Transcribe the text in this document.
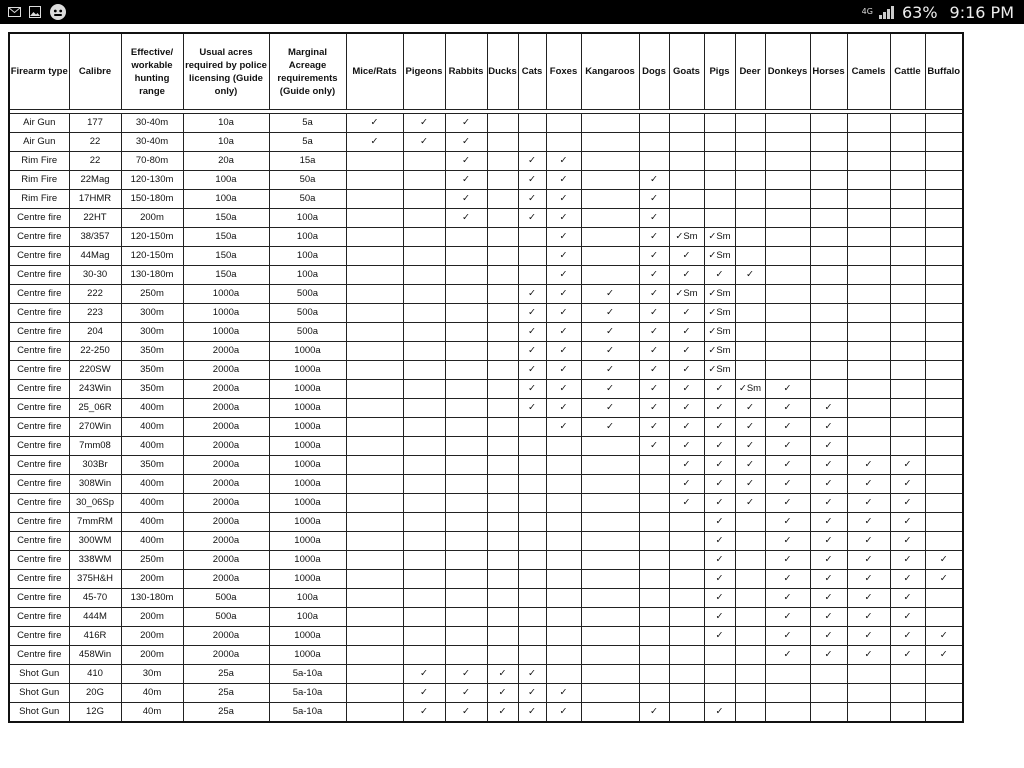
4G 63% 9:16 PM
Firearm type	Calibre	Effective/ workable hunting range	Usual acres required by police licensing (Guide only)	Marginal Acreage requirements (Guide only)	Mice/Rats	Pigeons	Rabbits	Ducks	Cats	Foxes	Kangaroos	Dogs	Goats	Pigs	Deer	Donkeys	Horses	Camels	Cattle	Buffalo

Air Gun	177	30-40m	10a	5a	✓	✓	✓													
Air Gun	22	30-40m	10a	5a	✓	✓	✓													
Rim Fire	22	70-80m	20a	15a			✓		✓	✓										
Rim Fire	22Mag	120-130m	100a	50a			✓		✓	✓		✓								
Rim Fire	17HMR	150-180m	100a	50a			✓		✓	✓		✓								
Centre fire	22HT	200m	150a	100a			✓		✓	✓		✓								
Centre fire	38/357	120-150m	150a	100a						✓		✓	✓Sm	✓Sm						
Centre fire	44Mag	120-150m	150a	100a						✓		✓	✓	✓Sm						
Centre fire	30-30	130-180m	150a	100a						✓		✓	✓	✓	✓					
Centre fire	222	250m	1000a	500a					✓	✓	✓	✓	✓Sm	✓Sm						
Centre fire	223	300m	1000a	500a					✓	✓	✓	✓	✓	✓Sm						
Centre fire	204	300m	1000a	500a					✓	✓	✓	✓	✓	✓Sm						
Centre fire	22-250	350m	2000a	1000a					✓	✓	✓	✓	✓	✓Sm						
Centre fire	220SW	350m	2000a	1000a					✓	✓	✓	✓	✓	✓Sm						
Centre fire	243Win	350m	2000a	1000a					✓	✓	✓	✓	✓	✓	✓Sm	✓				
Centre fire	25_06R	400m	2000a	1000a					✓	✓	✓	✓	✓	✓	✓	✓	✓			
Centre fire	270Win	400m	2000a	1000a						✓	✓	✓	✓	✓	✓	✓	✓			
Centre fire	7mm08	400m	2000a	1000a								✓	✓	✓	✓	✓	✓			
Centre fire	303Br	350m	2000a	1000a									✓	✓	✓	✓	✓	✓	✓	
Centre fire	308Win	400m	2000a	1000a									✓	✓	✓	✓	✓	✓	✓	
Centre fire	30_06Sp	400m	2000a	1000a									✓	✓	✓	✓	✓	✓	✓	
Centre fire	7mmRM	400m	2000a	1000a										✓		✓	✓	✓	✓	
Centre fire	300WM	400m	2000a	1000a										✓		✓	✓	✓	✓	
Centre fire	338WM	250m	2000a	1000a										✓		✓	✓	✓	✓	✓
Centre fire	375H&H	200m	2000a	1000a										✓		✓	✓	✓	✓	✓
Centre fire	45-70	130-180m	500a	100a										✓		✓	✓	✓	✓	
Centre fire	444M	200m	500a	100a										✓		✓	✓	✓	✓	
Centre fire	416R	200m	2000a	1000a										✓		✓	✓	✓	✓	✓
Centre fire	458Win	200m	2000a	1000a												✓	✓	✓	✓	✓
Shot Gun	410	30m	25a	5a-10a		✓	✓	✓	✓											
Shot Gun	20G	40m	25a	5a-10a		✓	✓	✓	✓	✓										
Shot Gun	12G	40m	25a	5a-10a		✓	✓	✓	✓	✓		✓		✓						
